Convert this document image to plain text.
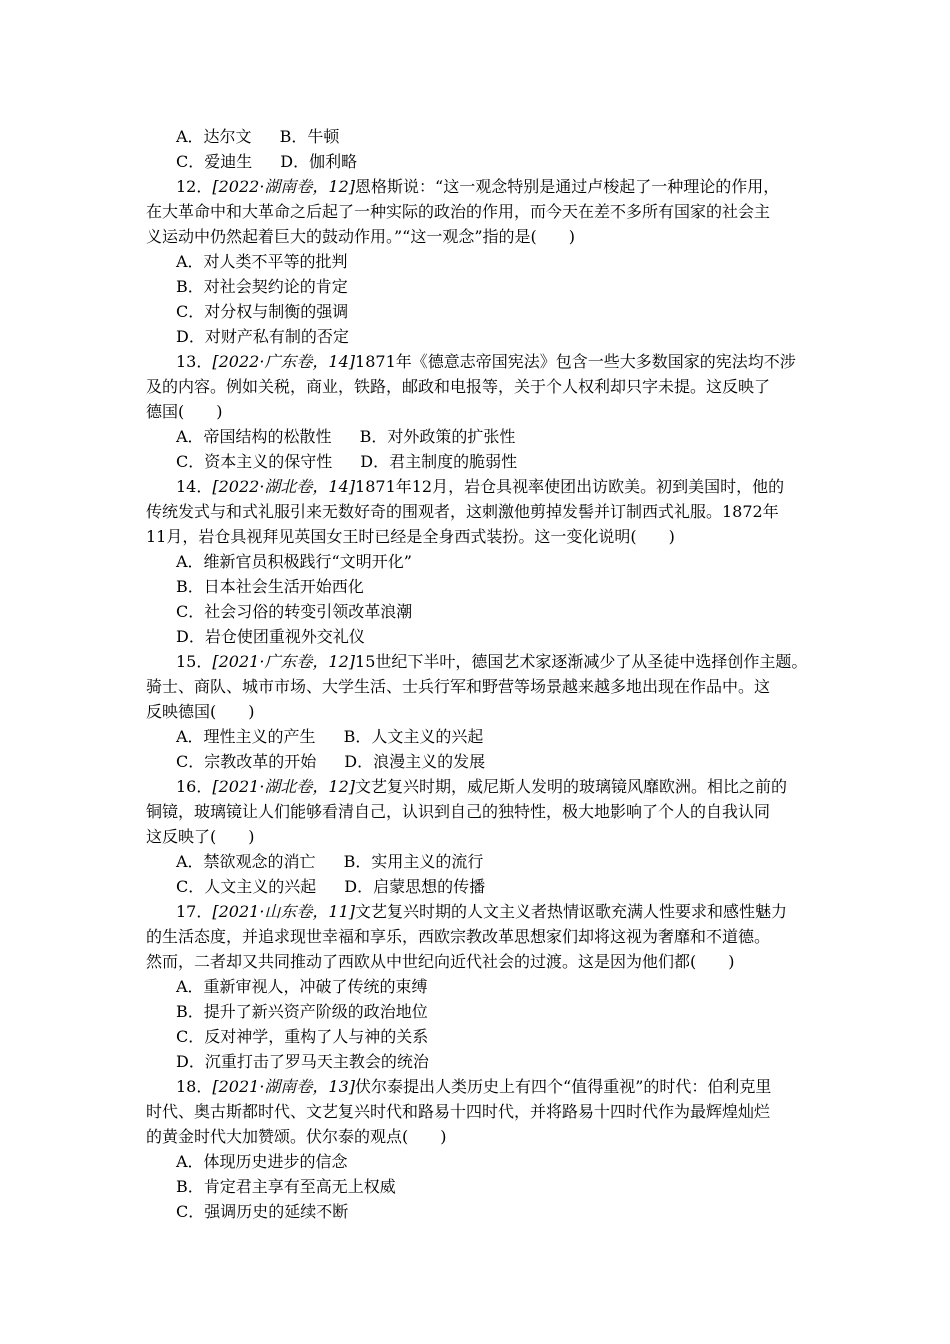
A．达尔文 B．牛顿
C．爱迪生 D．伽利略
12．[2022·湖南卷，12]恩格斯说：“这一观念特别是通过卢梭起了一种理论的作用，
在大革命中和大革命之后起了一种实际的政治的作用，而今天在差不多所有国家的社会主
义运动中仍然起着巨大的鼓动作用。”“这一观念”指的是(　　)
A．对人类不平等的批判
B．对社会契约论的肯定
C．对分权与制衡的强调
D．对财产私有制的否定
13．[2022·广东卷，14]1871年《德意志帝国宪法》包含一些大多数国家的宪法均不涉
及的内容。例如关税，商业，铁路，邮政和电报等，关于个人权利却只字未提。这反映了
德国(　　)
A．帝国结构的松散性 B．对外政策的扩张性
C．资本主义的保守性 D．君主制度的脆弱性
14．[2022·湖北卷，14]1871年12月，岩仓具视率使团出访欧美。初到美国时，他的
传统发式与和式礼服引来无数好奇的围观者，这刺激他剪掉发髻并订制西式礼服。1872年
11月，岩仓具视拜见英国女王时已经是全身西式装扮。这一变化说明(　　)
A．维新官员积极践行“文明开化”
B．日本社会生活开始西化
C．社会习俗的转变引领改革浪潮
D．岩仓使团重视外交礼仪
15．[2021·广东卷，12]15世纪下半叶，德国艺术家逐渐减少了从圣徒中选择创作主题。
骑士、商队、城市市场、大学生活、士兵行军和野营等场景越来越多地出现在作品中。这
反映德国(　　)
A．理性主义的产生 B．人文主义的兴起
C．宗教改革的开始 D．浪漫主义的发展
16．[2021·湖北卷，12]文艺复兴时期，威尼斯人发明的玻璃镜风靡欧洲。相比之前的
铜镜，玻璃镜让人们能够看清自己，认识到自己的独特性，极大地影响了个人的自我认同
这反映了(　　)
A．禁欲观念的消亡 B．实用主义的流行
C．人文主义的兴起 D．启蒙思想的传播
17．[2021·山东卷，11]文艺复兴时期的人文主义者热情讴歌充满人性要求和感性魅力
的生活态度，并追求现世幸福和享乐，西欧宗教改革思想家们却将这视为奢靡和不道德。
然而，二者却又共同推动了西欧从中世纪向近代社会的过渡。这是因为他们都(　　)
A．重新审视人，冲破了传统的束缚
B．提升了新兴资产阶级的政治地位
C．反对神学，重构了人与神的关系
D．沉重打击了罗马天主教会的统治
18．[2021·湖南卷，13]伏尔泰提出人类历史上有四个“值得重视”的时代：伯利克里
时代、奥古斯都时代、文艺复兴时代和路易十四时代，并将路易十四时代作为最辉煌灿烂
的黄金时代大加赞颂。伏尔泰的观点(　　)
A．体现历史进步的信念
B．肯定君主享有至高无上权威
C．强调历史的延续不断
